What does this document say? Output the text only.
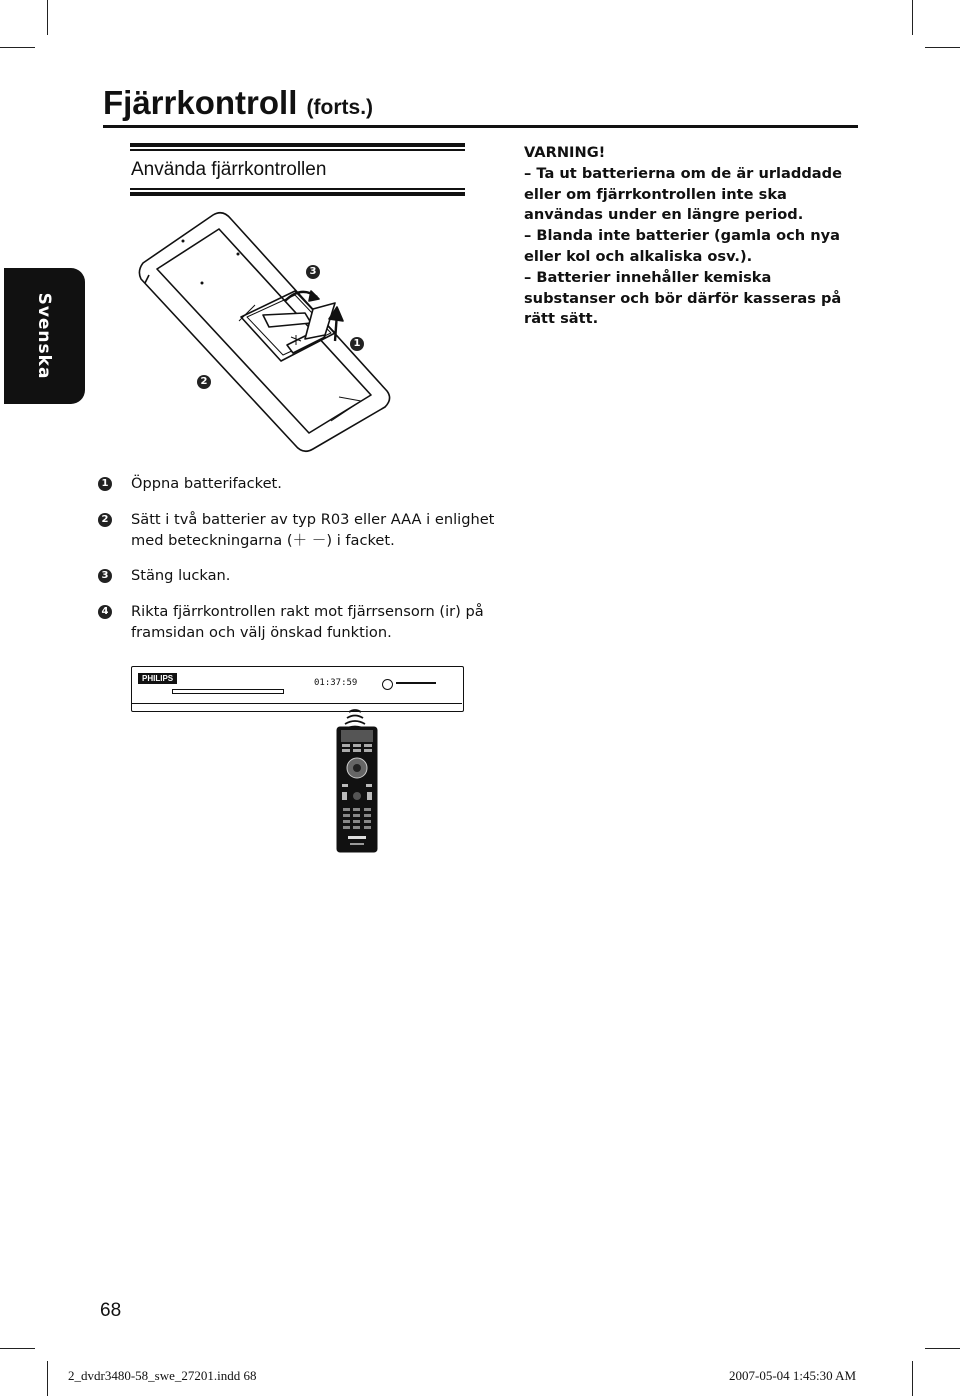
Fjärrkontroll (forts.)
Svenska
Använda fjärrkontrollen
3
1
2

VARNING!

– Ta ut batterierna om de är urladdade eller om fjärrkontrollen inte ska användas under en längre period.

– Blanda inte batterier (gamla och nya eller kol och alkaliska osv.).

– Batterier innehåller kemiska substanser och bör därför kasseras på rätt sätt.

1 Öppna batterifacket.
2 Sätt i två batterier av typ R03 eller AAA i enlighet med beteckningarna (＋ －) i facket.
3 Stäng luckan.
4 Rikta fjärrkontrollen rakt mot fjärrsensorn (ir) på framsidan och välj önskad funktion.
PHILIPS	01:37:59
68
2_dvdr3480-58_swe_27201.indd 68	2007-05-04 1:45:30 AM
